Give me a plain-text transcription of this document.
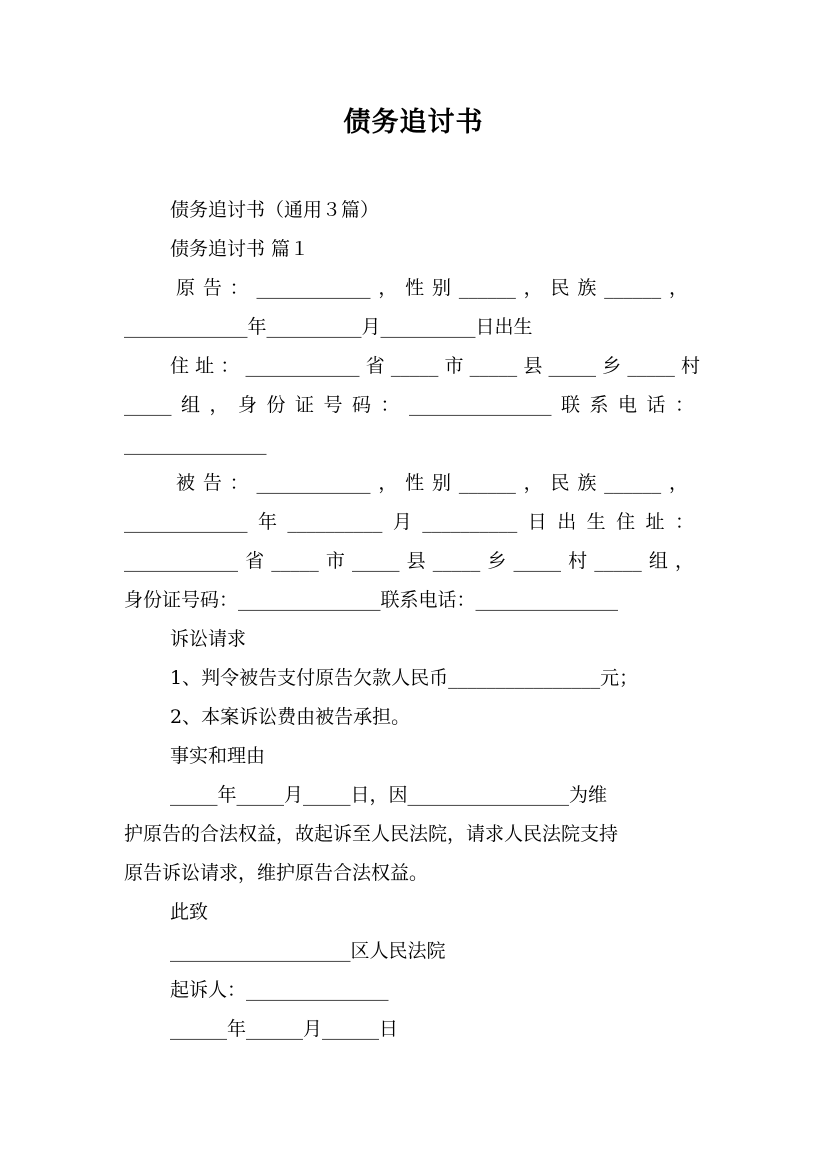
债务追讨书
债务追讨书（通用３篇）
债务追讨书 篇１
原告：____________，性别______，民族______，
_____________年__________月__________日出生
住址：____________省_____市_____县_____乡_____村
_____组，身份证号码：_______________联系电话：
_______________
被告：____________，性别______，民族______，
_____________年__________月__________日出生住址：
____________省_____市_____县_____乡_____村_____组，
身份证号码：_______________联系电话：_______________
诉讼请求
1、判令被告支付原告欠款人民币________________元；
2、本案诉讼费由被告承担。
事实和理由
_____年_____月_____日，因_________________为维
护原告的合法权益，故起诉至人民法院，请求人民法院支持
原告诉讼请求，维护原告合法权益。
此致
___________________区人民法院
起诉人：_______________
______年______月______日
